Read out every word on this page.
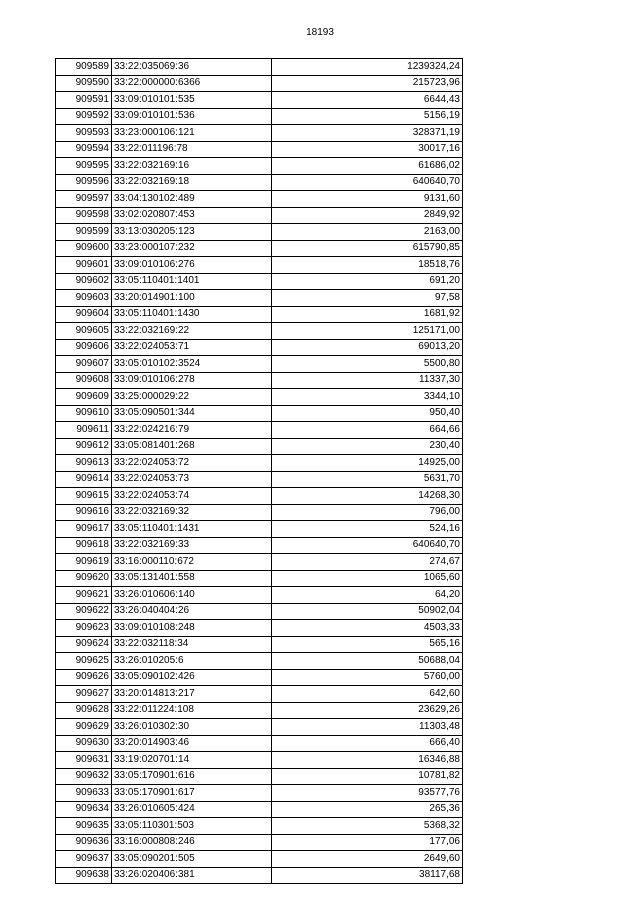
18193
909589	33:22:035069:36	1239324,24
909590	33:22:000000:6366	215723,96
909591	33:09:010101:535	6644,43
909592	33:09:010101:536	5156,19
909593	33:23:000106:121	328371,19
909594	33:22:011196:78	30017,16
909595	33:22:032169:16	61686,02
909596	33:22:032169:18	640640,70
909597	33:04:130102:489	9131,60
909598	33:02:020807:453	2849,92
909599	33:13:030205:123	2163,00
909600	33:23:000107:232	615790,85
909601	33:09:010106:276	18518,76
909602	33:05:110401:1401	691,20
909603	33:20:014901:100	97,58
909604	33:05:110401:1430	1681,92
909605	33:22:032169:22	125171,00
909606	33:22:024053:71	69013,20
909607	33:05:010102:3524	5500,80
909608	33:09:010106:278	11337,30
909609	33:25:000029:22	3344,10
909610	33:05:090501:344	950,40
909611	33:22:024216:79	664,66
909612	33:05:081401:268	230,40
909613	33:22:024053:72	14925,00
909614	33:22:024053:73	5631,70
909615	33:22:024053:74	14268,30
909616	33:22:032169:32	796,00
909617	33:05:110401:1431	524,16
909618	33:22:032169:33	640640,70
909619	33:16:000110:672	274,67
909620	33:05:131401:558	1065,60
909621	33:26:010606:140	64,20
909622	33:26:040404:26	50902,04
909623	33:09:010108:248	4503,33
909624	33:22:032118:34	565,16
909625	33:26:010205:6	50688,04
909626	33:05:090102:426	5760,00
909627	33:20:014813:217	642,60
909628	33:22:011224:108	23629,26
909629	33:26:010302:30	11303,48
909630	33:20:014903:46	666,40
909631	33:19:020701:14	16346,88
909632	33:05:170901:616	10781,82
909633	33:05:170901:617	93577,76
909634	33:26:010605:424	265,36
909635	33:05:110301:503	5368,32
909636	33:16:000808:246	177,06
909637	33:05:090201:505	2649,60
909638	33:26:020406:381	38117,68
